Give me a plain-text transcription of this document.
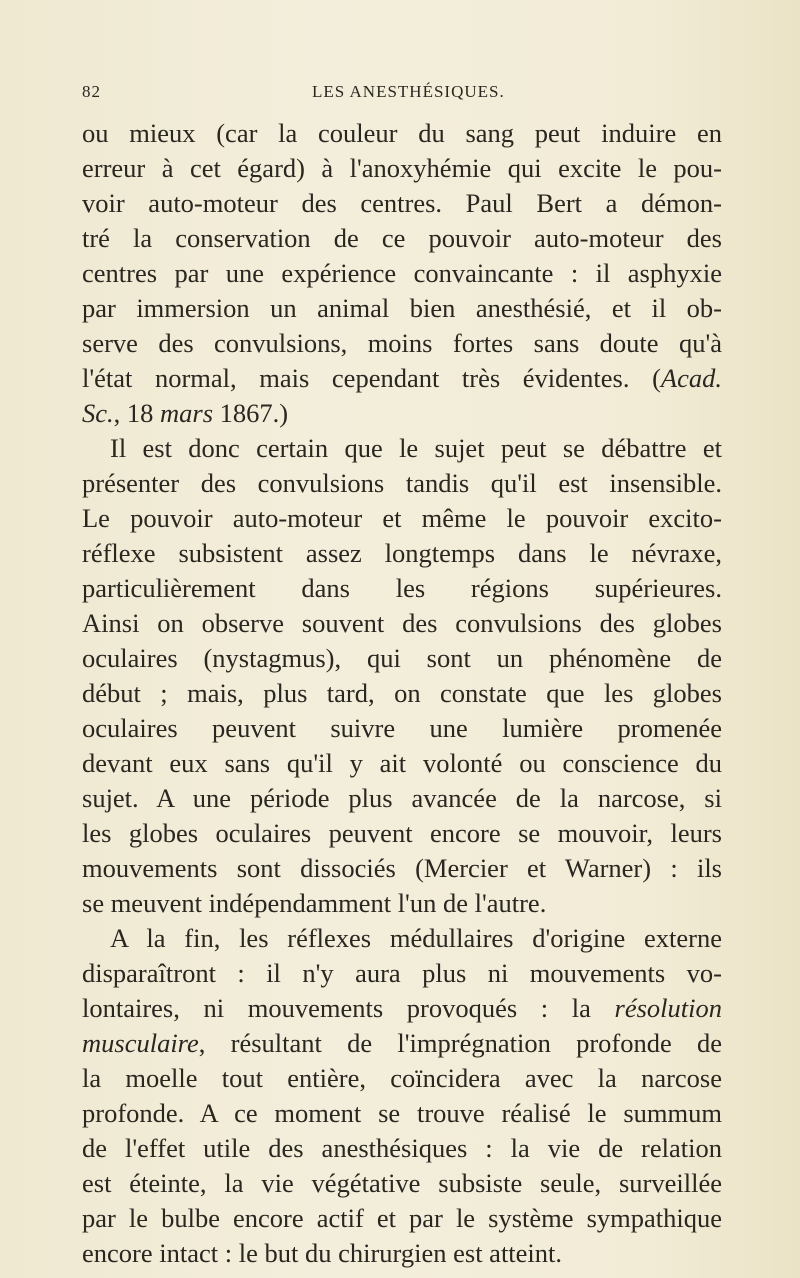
82	LES ANESTHÉSIQUES.
ou mieux (car la couleur du sang peut induire en
erreur à cet égard) à l'anoxyhémie qui excite le pou-
voir auto-moteur des centres. Paul Bert a démon-
tré la conservation de ce pouvoir auto-moteur des
centres par une expérience convaincante : il asphyxie
par immersion un animal bien anesthésié, et il ob-
serve des convulsions, moins fortes sans doute qu'à
l'état normal, mais cependant très évidentes. (Acad.
Sc., 18 mars 1867.)
Il est donc certain que le sujet peut se débattre et
présenter des convulsions tandis qu'il est insensible.
Le pouvoir auto-moteur et même le pouvoir excito-
réflexe subsistent assez longtemps dans le névraxe,
particulièrement dans les régions supérieures.
Ainsi on observe souvent des convulsions des globes
oculaires (nystagmus), qui sont un phénomène de
début ; mais, plus tard, on constate que les globes
oculaires peuvent suivre une lumière promenée
devant eux sans qu'il y ait volonté ou conscience du
sujet. A une période plus avancée de la narcose, si
les globes oculaires peuvent encore se mouvoir, leurs
mouvements sont dissociés (Mercier et Warner) : ils
se meuvent indépendamment l'un de l'autre.
A la fin, les réflexes médullaires d'origine externe
disparaîtront : il n'y aura plus ni mouvements vo-
lontaires, ni mouvements provoqués : la résolution
musculaire, résultant de l'imprégnation profonde de
la moelle tout entière, coïncidera avec la narcose
profonde. A ce moment se trouve réalisé le summum
de l'effet utile des anesthésiques : la vie de relation
est éteinte, la vie végétative subsiste seule, surveillée
par le bulbe encore actif et par le système sympathique
encore intact : le but du chirurgien est atteint.
